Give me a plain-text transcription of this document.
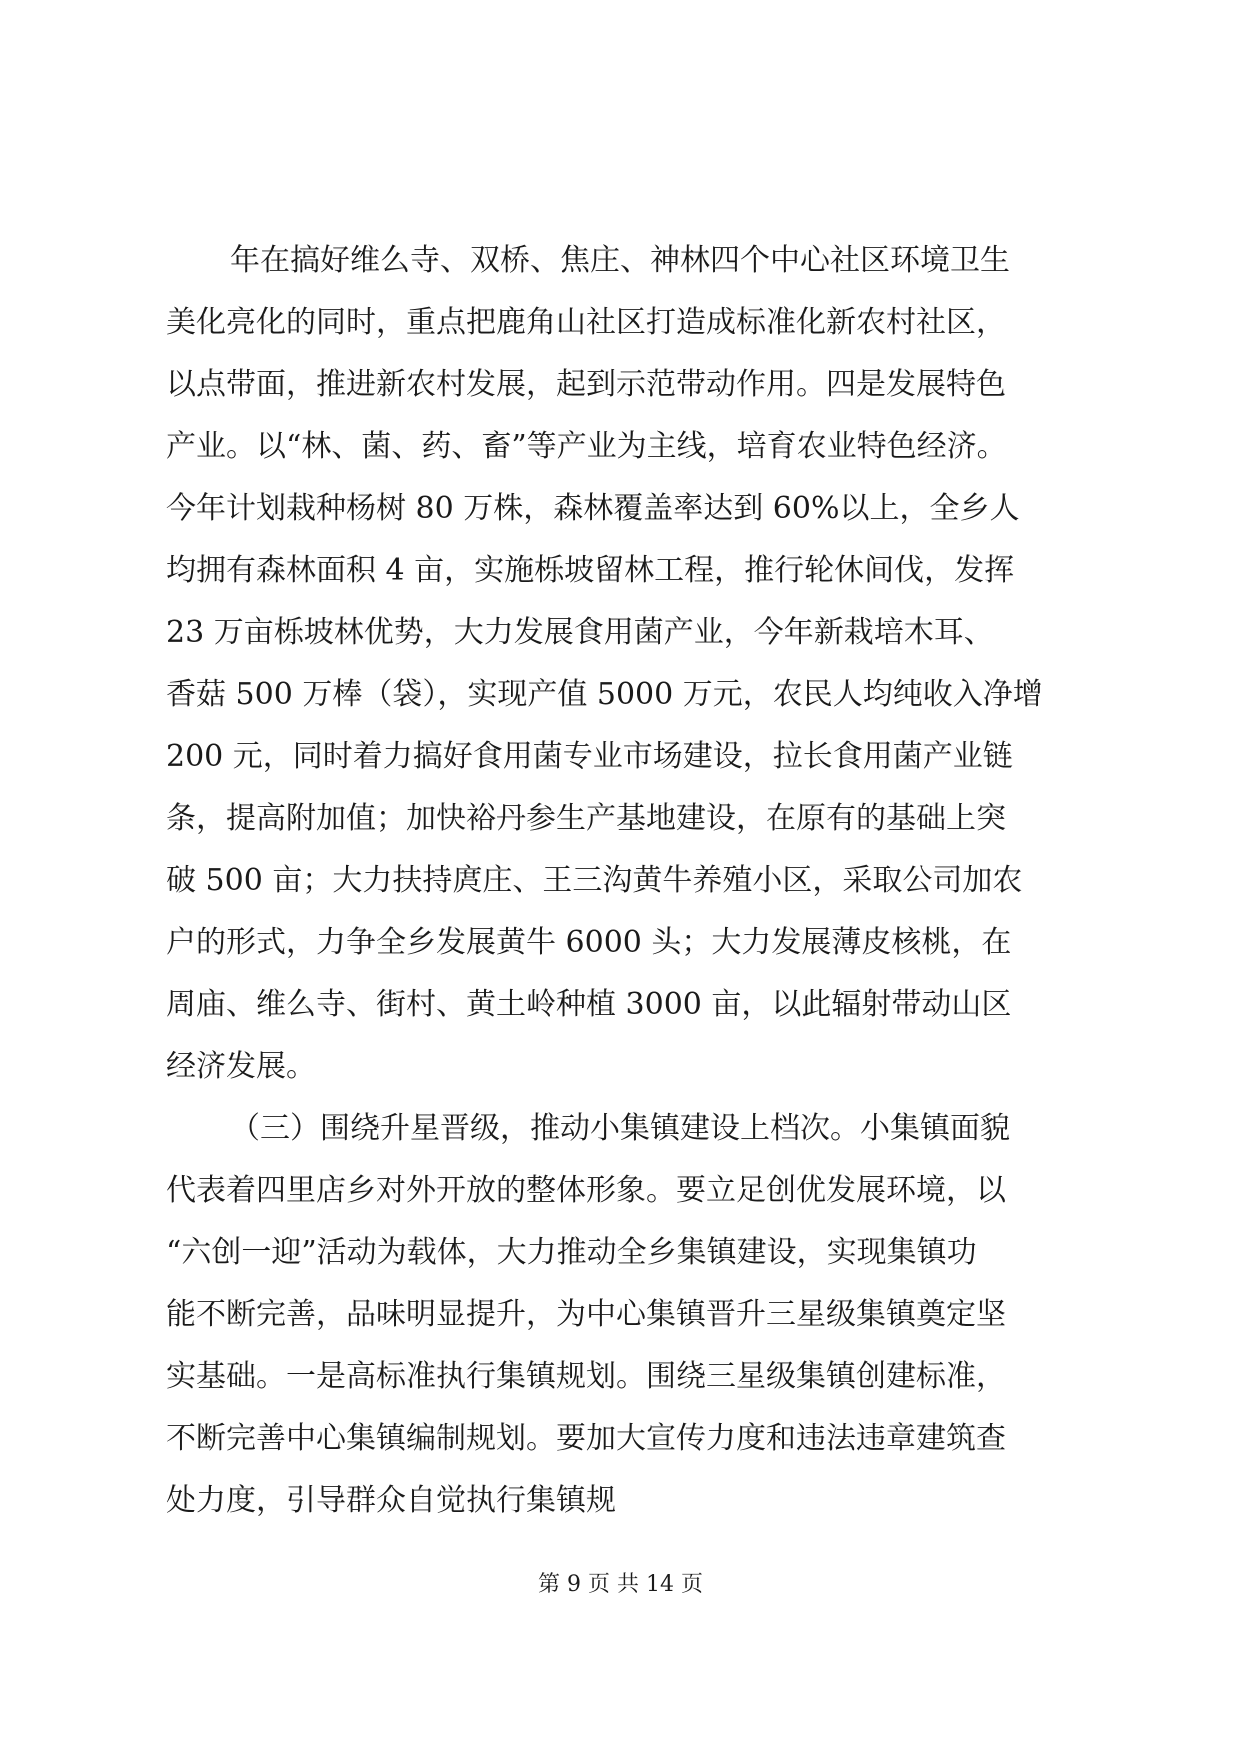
年在搞好维么寺、双桥、焦庄、神林四个中心社区环境卫生
美化亮化的同时，重点把鹿角山社区打造成标准化新农村社区，
以点带面，推进新农村发展，起到示范带动作用。四是发展特色
产业。以“林、菌、药、畜”等产业为主线，培育农业特色经济。
今年计划栽种杨树 80 万株，森林覆盖率达到 60%以上，全乡人
均拥有森林面积 4 亩，实施栎坡留林工程，推行轮休间伐，发挥
23 万亩栎坡林优势，大力发展食用菌产业，今年新栽培木耳、
香菇 500 万棒（袋），实现产值 5000 万元，农民人均纯收入净增
200 元，同时着力搞好食用菌专业市场建设，拉长食用菌产业链
条，提高附加值；加快裕丹参生产基地建设，在原有的基础上突
破 500 亩；大力扶持庹庄、王三沟黄牛养殖小区，采取公司加农
户的形式，力争全乡发展黄牛 6000 头；大力发展薄皮核桃，在
周庙、维么寺、街村、黄土岭种植 3000 亩，以此辐射带动山区
经济发展。
（三）围绕升星晋级，推动小集镇建设上档次。小集镇面貌
代表着四里店乡对外开放的整体形象。要立足创优发展环境，以
“六创一迎”活动为载体，大力推动全乡集镇建设，实现集镇功
能不断完善，品味明显提升，为中心集镇晋升三星级集镇奠定坚
实基础。一是高标准执行集镇规划。围绕三星级集镇创建标准，
不断完善中心集镇编制规划。要加大宣传力度和违法违章建筑查
处力度，引导群众自觉执行集镇规
第 9 页 共 14 页
